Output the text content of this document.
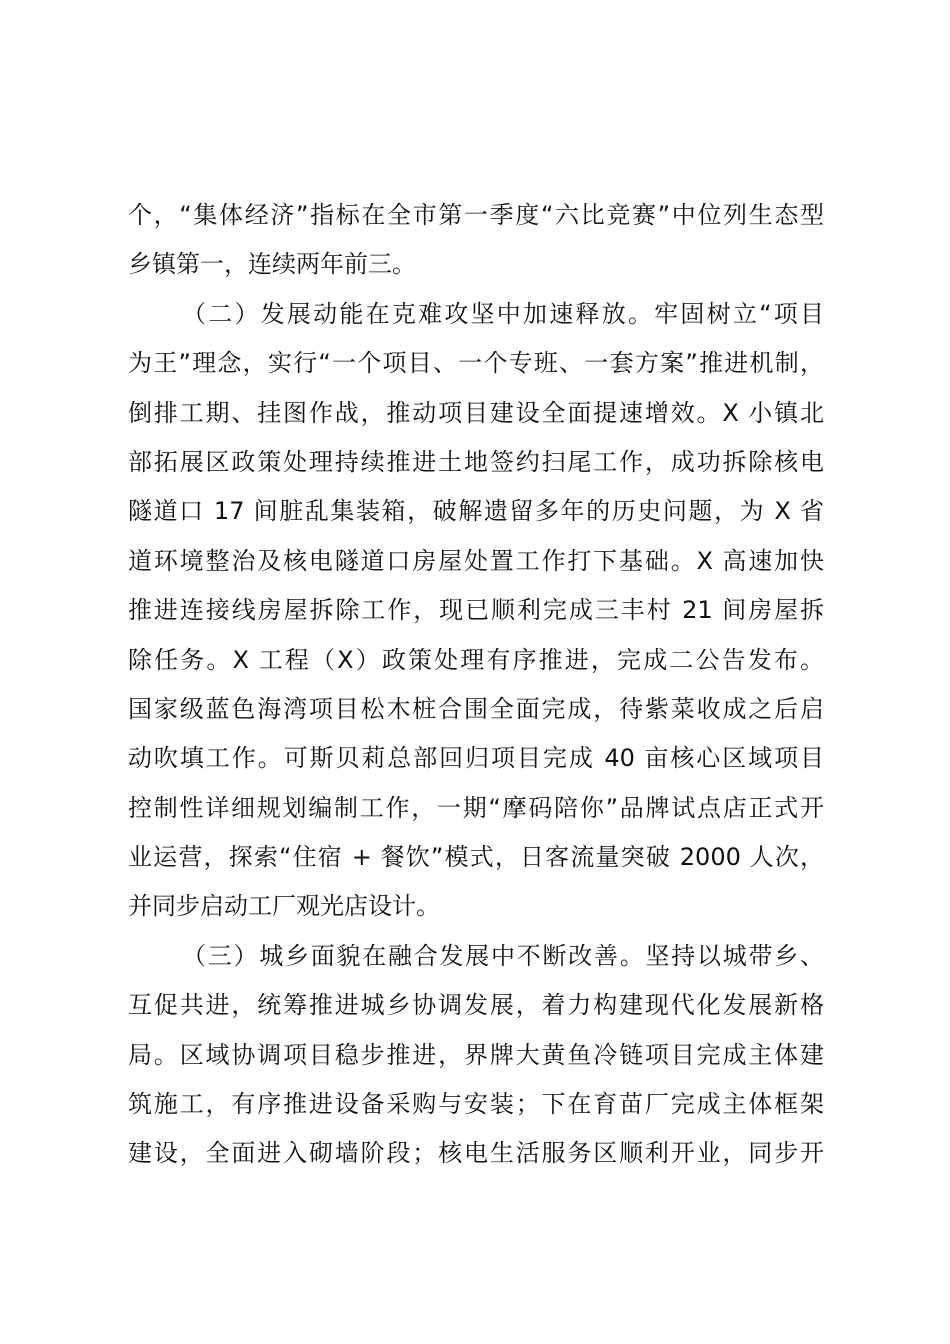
个，“集体经济”指标在全市第一季度“六比竞赛”中位列生态型
乡镇第一，连续两年前三。
（二）发展动能在克难攻坚中加速释放。牢固树立“项目
为王”理念，实行“一个项目、一个专班、一套方案”推进机制，
倒排工期、挂图作战，推动项目建设全面提速增效。X 小镇北
部拓展区政策处理持续推进土地签约扫尾工作，成功拆除核电
隧道口 17 间脏乱集装箱，破解遗留多年的历史问题，为 X 省
道环境整治及核电隧道口房屋处置工作打下基础。X 高速加快
推进连接线房屋拆除工作，现已顺利完成三丰村 21 间房屋拆
除任务。X 工程（X）政策处理有序推进，完成二公告发布。
国家级蓝色海湾项目松木桩合围全面完成，待紫菜收成之后启
动吹填工作。可斯贝莉总部回归项目完成 40 亩核心区域项目
控制性详细规划编制工作，一期“摩码陪你”品牌试点店正式开
业运营，探索“住宿 + 餐饮”模式，日客流量突破 2000 人次，
并同步启动工厂观光店设计。
（三）城乡面貌在融合发展中不断改善。坚持以城带乡、
互促共进，统筹推进城乡协调发展，着力构建现代化发展新格
局。区域协调项目稳步推进，界牌大黄鱼冷链项目完成主体建
筑施工，有序推进设备采购与安装；下在育苗厂完成主体框架
建设，全面进入砌墙阶段；核电生活服务区顺利开业，同步开
